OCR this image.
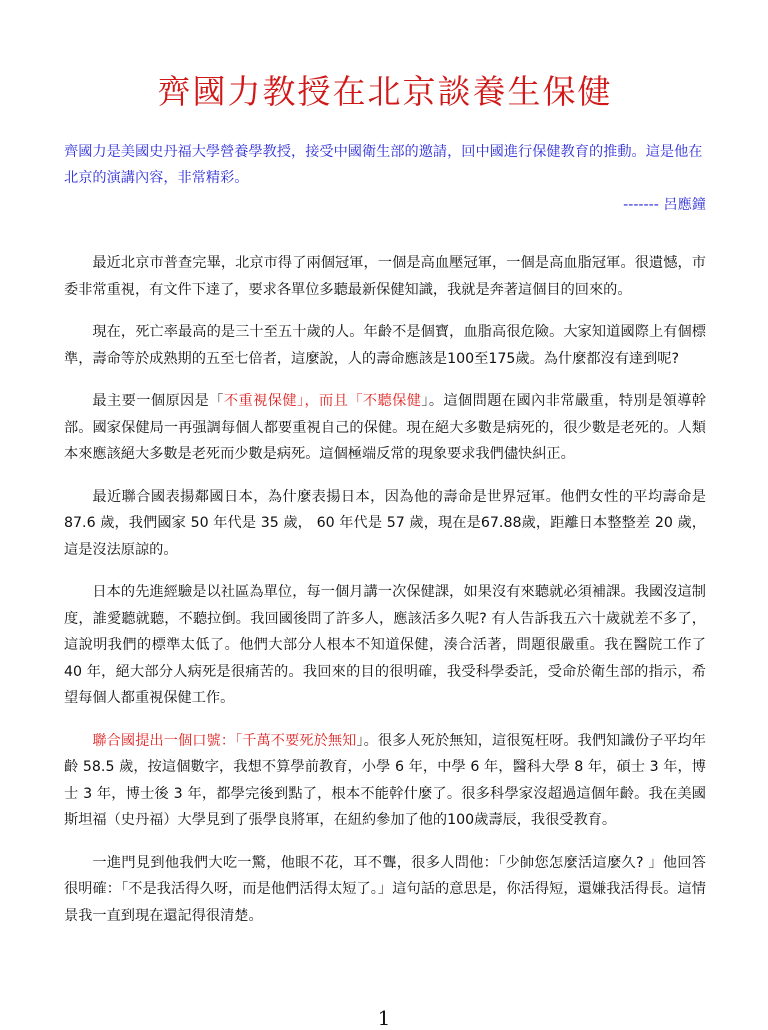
齊國力教授在北京談養生保健
齊國力是美國史丹福大學營養學教授，接受中國衛生部的邀請，回中國進行保健教育的推動。這是他在北京的演講內容，非常精彩。
------- 呂應鐘

最近北京市普查完畢，北京市得了兩個冠軍，一個是高血壓冠軍，一個是高血脂冠軍。很遺憾，市委非常重視，有文件下達了，要求各單位多聽最新保健知識，我就是奔著這個目的回來的。

現在，死亡率最高的是三十至五十歲的人。年齡不是個寶，血脂高很危險。大家知道國際上有個標準，壽命等於成熟期的五至七倍者，這麼說，人的壽命應該是100至175歲。為什麼都沒有達到呢?

最主要一個原因是「不重視保健」，而且「不聽保健」。這個問題在國內非常嚴重，特別是領導幹部。國家保健局一再强調每個人都要重視自己的保健。現在絕大多數是病死的，很少數是老死的。人類本來應該絕大多數是老死而少數是病死。這個極端反常的現象要求我們儘快糾正。

最近聯合國表揚鄰國日本，為什麼表揚日本，因為他的壽命是世界冠軍。他們女性的平均壽命是 87.6 歲，我們國家 50 年代是 35 歲， 60 年代是 57 歲，現在是67.88歲，距離日本整整差 20 歲，這是沒法原諒的。

日本的先進經驗是以社區為單位，每一個月講一次保健課，如果沒有來聽就必須補課。我國沒這制度，誰愛聽就聽，不聽拉倒。我回國後問了許多人，應該活多久呢? 有人告訴我五六十歲就差不多了，這說明我們的標準太低了。他們大部分人根本不知道保健，湊合活著，問題很嚴重。我在醫院工作了 40 年，絕大部分人病死是很痛苦的。我回來的目的很明確，我受科學委託，受命於衛生部的指示，希望每個人都重視保健工作。

聯合國提出一個口號：「千萬不要死於無知」。很多人死於無知，這很冤枉呀。我們知識份子平均年齡 58.5 歲，按這個數字，我想不算學前教育，小學 6 年，中學 6 年，醫科大學 8 年，碩士 3 年，博士 3 年，博士後 3 年，都學完後到點了，根本不能幹什麼了。很多科學家沒超過這個年齡。我在美國斯坦福（史丹福）大學見到了張學良將軍，在紐約參加了他的100歲壽辰，我很受教育。

一進門見到他我們大吃一驚，他眼不花，耳不聾，很多人問他：「少帥您怎麼活這麼久? 」他回答很明確：「不是我活得久呀，而是他們活得太短了。」這句話的意思是，你活得短，還嫌我活得長。這情景我一直到現在還記得很清楚。

1
